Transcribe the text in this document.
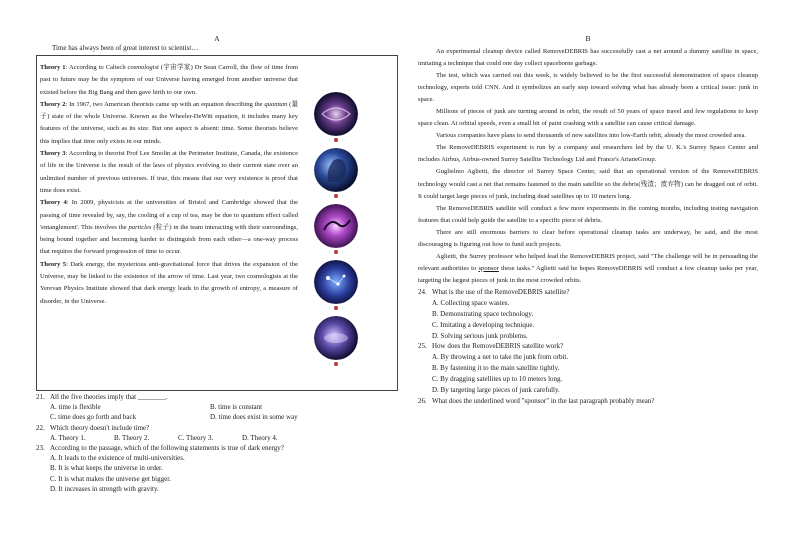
A
Time has always been of great interest to scientist…

Theory 1: According to Caltech cosmologist (宇宙学家) Dr Sean Carroll, the flow of time from past to future may be the symptom of our Universe having emerged from another universe that existed before the Big Bang and then gave birth to our own.

Theory 2: In 1967, two American theorists came up with an equation describing the quantum (量子) state of the whole Universe. Known as the Wheeler-DeWitt equation, it includes many key features of the universe, such as its size. But one aspect is absent: time. Some theorists believe this implies that time only exists in our minds.

Theory 3: According to theorist Prof Lee Smolin at the Perimeter Institute, Canada, the existence of life in the Universe is the result of the laws of physics evolving to their current state over an unlimited number of previous universes. If true, this means that our very existence is proof that time does exist.

Theory 4: In 2009, physicists at the universities of Bristol and Cambridge showed that the passing of time revealed by, say, the cooling of a cup of tea, may be due to quantum effect called 'entanglement'. This involves the particles (粒子) in the team interacting with their surroundings, being bound together and becoming harder to distinguish from each other—a one-way process that requires the forward progression of time to occur.

Theory 5: Dark energy, the mysterious anti-gravitational force that drives the expansion of the Universe, may be linked to the existence of the arrow of time. Last year, two cosmologists at the Yerevan Physics Institute showed that dark energy leads to the growth of entropy, a measure of disorder, in the Universe.

21. All the five theories imply that ________.

A. time is flexible	B. time is constant
C. time does go forth and back	D. time does exist in some way

22. Which theory doesn't include time?

A. Theory 1.	B. Theory 2.	C. Theory 3.	D. Theory 4.

23. According to the passage, which of the following statements is true of dark energy?

A. It leads to the existence of multi-universities.
B. It is what keeps the universe in order.
C. It is what makes the universe get bigger.
D. It increases in strength with gravity.
B

An experimental cleanup device called RemoveDEBRIS has successfully cast a net around a dummy satellite in space, imitating a technique that could one day collect spaceborne garbage.

The test, which was carried out this week, is widely believed to be the first successful demonstration of space cleanup technology, experts told CNN. And it symbolizes an early step toward solving what has already been a critical issue: junk in space.

Millions of pieces of junk are turning around in orbit, the result of 50 years of space travel and few regulations to keep space clean. At orbital speeds, even a small bit of paint crashing with a satellite can cause critical damage.

Various companies have plans to send thousands of new satellites into low-Earth orbit, already the most crowded area.

The RemoveDEBRIS experiment is run by a company and researchers led by the U. K.'s Surrey Space Center and includes Airbus, Airbus-owned Surrey Satellite Technology Ltd and France's ArianeGroup.

Guglielmo Aglietti, the director of Surrey Space Center, said that an operational version of the RemoveDEBRIS technology would cast a net that remains fastened to the main satellite so the debris(残渣；废弃物) can be dragged out of orbit. It could target large pieces of junk, including dead satellites up to 10 meters long.

The RemoveDEBRIS satellite will conduct a few more experiments in the coming months, including testing navigation features that could help guide the satellite to a specific piece of debris.

There are still enormous barriers to clear before operational cleanup tasks are underway, he said, and the most discouraging is figuring out how to fund such projects.

Aglietti, the Surrey professor who helped lead the RemoveDEBRIS project, said "The challenge will be in persuading the relevant authorities to sponsor these tasks." Aglietti said he hopes RemoveDEBRIS will conduct a few cleanup tasks per year, targeting the largest pieces of junk in the most crowded orbits.

24. What is the use of the RemoveDEBRIS satellite?

A. Collecting space wastes.
B. Demonstrating space technology.
C. Imitating a developing technique.
D. Solving serious junk problems.

25. How does the RemoveDEBRIS satellite work?

A. By throwing a net to take the junk from orbit.
B. By fastening it to the main satellite tightly.
C. By dragging satellites up to 10 meters long.
D. By targeting large pieces of junk carefully.

26. What does the underlined word "sponsor" in the last paragraph probably mean?
